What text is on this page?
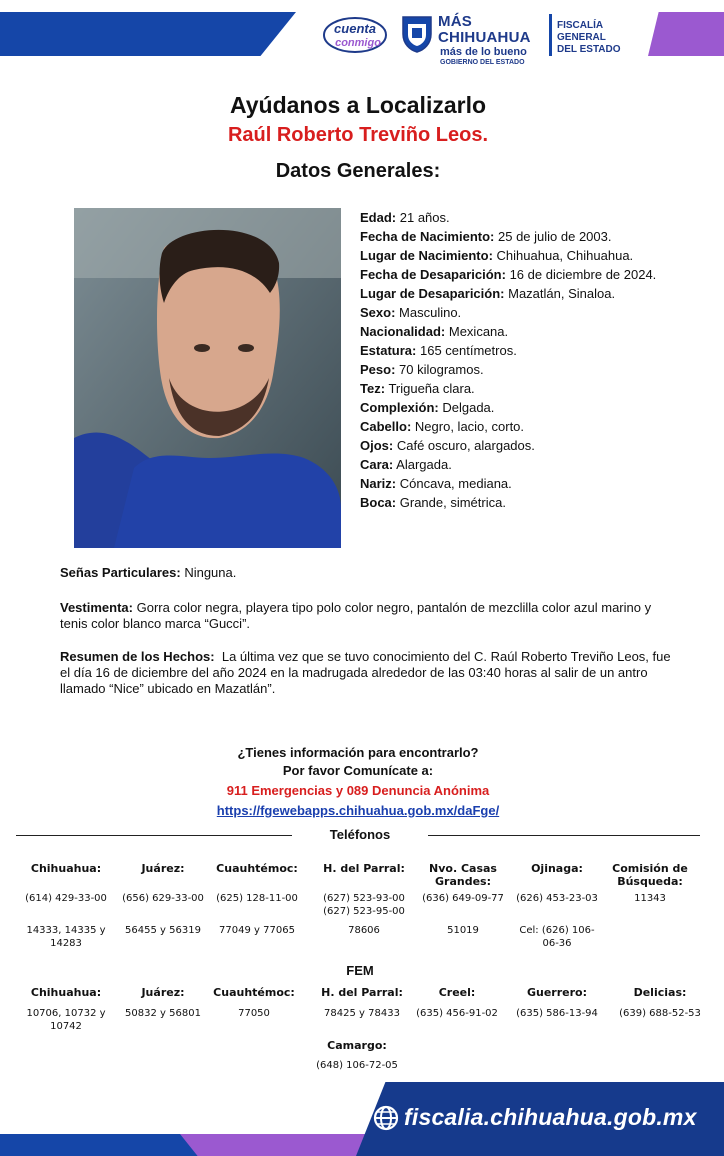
cuenta
conmigo
MÁS CHIHUAHUA
más de lo bueno
GOBIERNO DEL ESTADO
FISCALÍA GENERAL
DEL ESTADO
Ayúdanos a Localizarlo
Raúl Roberto Treviño Leos.
Datos Generales:
Edad: 21 años.
Fecha de Nacimiento: 25 de julio de 2003.
Lugar de Nacimiento: Chihuahua, Chihuahua.
Fecha de Desaparición: 16 de diciembre de 2024.
Lugar de Desaparición: Mazatlán, Sinaloa.
Sexo: Masculino.
Nacionalidad: Mexicana.
Estatura: 165 centímetros.
Peso: 70 kilogramos.
Tez: Trigueña clara.
Complexión: Delgada.
Cabello: Negro, lacio, corto.
Ojos: Café oscuro, alargados.
Cara: Alargada.
Nariz: Cóncava, mediana.
Boca: Grande, simétrica.
Señas Particulares: Ninguna.
Vestimenta: Gorra color negra, playera tipo polo color negro, pantalón de mezclilla color azul marino y tenis color blanco marca “Gucci”.
Resumen de los Hechos: La última vez que se tuvo conocimiento del C. Raúl Roberto Treviño Leos, fue el día 16 de diciembre del año 2024 en la madrugada alrededor de las 03:40 horas al salir de un antro llamado “Nice” ubicado en Mazatlán”.
¿Tienes información para encontrarlo?
Por favor Comunícate a:
911 Emergencias y 089 Denuncia Anónima
https://fgewebapps.chihuahua.gob.mx/daFge/
Teléfonos
Chihuahua:
(614) 429-33-00
14333, 14335 y 14283
Juárez:
(656) 629-33-00
56455 y 56319
Cuauhtémoc:
(625) 128-11-00
77049 y 77065
H. del Parral:
(627) 523-93-00 (627) 523-95-00
78606
Nvo. Casas Grandes:
(636) 649-09-77
51019
Ojinaga:
(626) 453-23-03
Cel: (626) 106-06-36
Comisión de Búsqueda:
11343
FEM
Chihuahua:
10706, 10732 y 10742
Juárez:
50832 y 56801
Cuauhtémoc:
77050
H. del Parral:
78425 y 78433
Creel:
(635) 456-91-02
Guerrero:
(635) 586-13-94
Delicias:
(639) 688-52-53
Camargo:
(648) 106-72-05
fiscalia.chihuahua.gob.mx
